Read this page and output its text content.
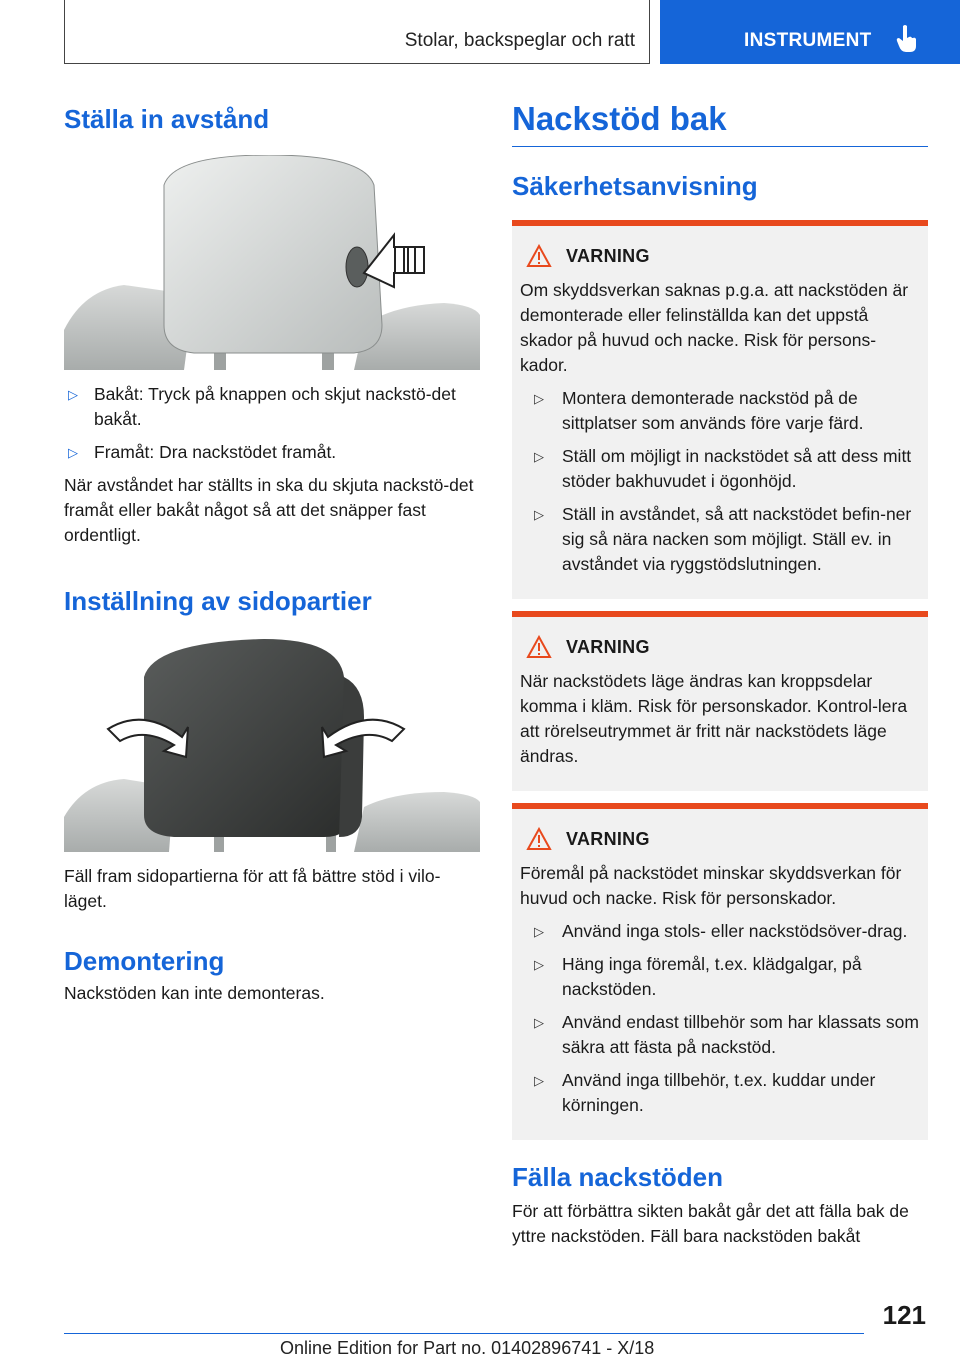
Stolar, backspeglar och ratt	INSTRUMENT
Ställa in avstånd
▷ Bakåt: Tryck på knappen och skjut nackstö-det bakåt.
▷ Framåt: Dra nackstödet framåt.

När avståndet har ställts in ska du skjuta nackstö-det framåt eller bakåt något så att det snäpper fast ordentligt.

Inställning av sidopartier

Fäll fram sidopartierna för att få bättre stöd i vilo-läget.

Demontering

Nackstöden kan inte demonteras.

Nackstöd bak
Säkerhetsanvisning
VARNING

Om skyddsverkan saknas p.g.a. att nackstöden är demonterade eller felinställda kan det uppstå skador på huvud och nacke. Risk för persons-kador.

▷ Montera demonterade nackstöd på de sittplatser som används före varje färd.
▷ Ställ om möjligt in nackstödet så att dess mitt stöder bakhuvudet i ögonhöjd.
▷ Ställ in avståndet, så att nackstödet befin-ner sig så nära nacken som möjligt. Ställ ev. in avståndet via ryggstödslutningen.
VARNING

När nackstödets läge ändras kan kroppsdelar komma i kläm. Risk för personskador. Kontrol-lera att rörelseutrymmet är fritt när nackstödets läge ändras.

VARNING

Föremål på nackstödet minskar skyddsverkan för huvud och nacke. Risk för personskador.

▷ Använd inga stols- eller nackstödsöver-drag.
▷ Häng inga föremål, t.ex. klädgalgar, på nackstöden.
▷ Använd endast tillbehör som har klassats som säkra att fästa på nackstöd.
▷ Använd inga tillbehör, t.ex. kuddar under körningen.
Fälla nackstöden

För att förbättra sikten bakåt går det att fälla bak de yttre nackstöden. Fäll bara nackstöden bakåt

121
Online Edition for Part no. 01402896741 - X/18
